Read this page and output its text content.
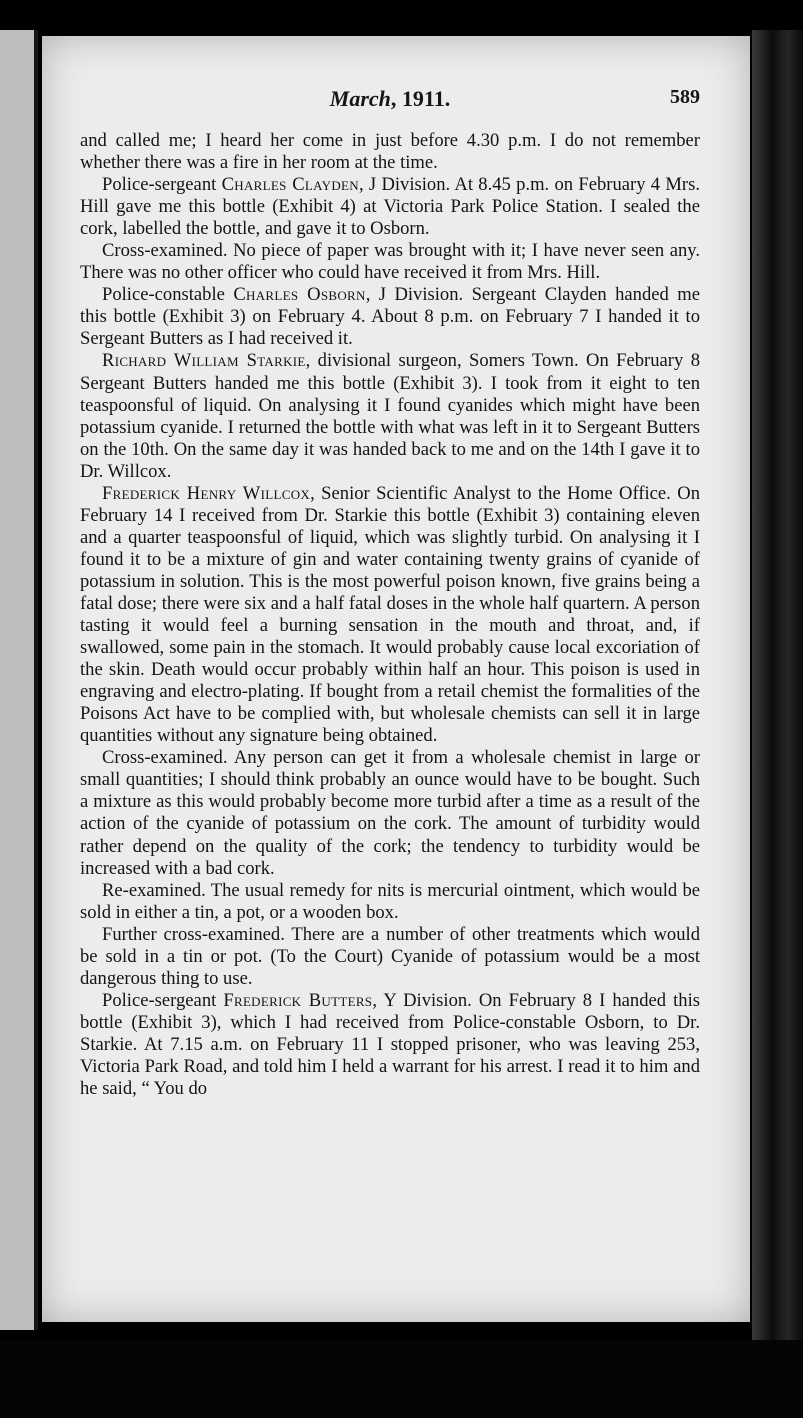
March, 1911.	589

and called me; I heard her come in just before 4.30 p.m. I do not remember whether there was a fire in her room at the time.

Police-sergeant Charles Clayden, J Division. At 8.45 p.m. on February 4 Mrs. Hill gave me this bottle (Exhibit 4) at Victoria Park Police Station. I sealed the cork, labelled the bottle, and gave it to Osborn.

Cross-examined. No piece of paper was brought with it; I have never seen any. There was no other officer who could have received it from Mrs. Hill.

Police-constable Charles Osborn, J Division. Sergeant Clayden handed me this bottle (Exhibit 3) on February 4. About 8 p.m. on February 7 I handed it to Sergeant Butters as I had received it.

Richard William Starkie, divisional surgeon, Somers Town. On February 8 Sergeant Butters handed me this bottle (Exhibit 3). I took from it eight to ten teaspoonsful of liquid. On analysing it I found cyanides which might have been potassium cyanide. I returned the bottle with what was left in it to Sergeant Butters on the 10th. On the same day it was handed back to me and on the 14th I gave it to Dr. Willcox.

Frederick Henry Willcox, Senior Scientific Analyst to the Home Office. On February 14 I received from Dr. Starkie this bottle (Exhibit 3) containing eleven and a quarter teaspoonsful of liquid, which was slightly turbid. On analysing it I found it to be a mixture of gin and water containing twenty grains of cyanide of potassium in solution. This is the most powerful poison known, five grains being a fatal dose; there were six and a half fatal doses in the whole half quartern. A person tasting it would feel a burning sensation in the mouth and throat, and, if swallowed, some pain in the stomach. It would probably cause local excoriation of the skin. Death would occur probably within half an hour. This poison is used in engraving and electro-plating. If bought from a retail chemist the formalities of the Poisons Act have to be complied with, but wholesale chemists can sell it in large quantities without any signature being obtained.

Cross-examined. Any person can get it from a wholesale chemist in large or small quantities; I should think probably an ounce would have to be bought. Such a mixture as this would probably become more turbid after a time as a result of the action of the cyanide of potassium on the cork. The amount of turbidity would rather depend on the quality of the cork; the tendency to turbidity would be increased with a bad cork.

Re-examined. The usual remedy for nits is mercurial ointment, which would be sold in either a tin, a pot, or a wooden box.

Further cross-examined. There are a number of other treatments which would be sold in a tin or pot. (To the Court) Cyanide of potassium would be a most dangerous thing to use.

Police-sergeant Frederick Butters, Y Division. On February 8 I handed this bottle (Exhibit 3), which I had received from Police-constable Osborn, to Dr. Starkie. At 7.15 a.m. on February 11 I stopped prisoner, who was leaving 253, Victoria Park Road, and told him I held a warrant for his arrest. I read it to him and he said, “ You do
